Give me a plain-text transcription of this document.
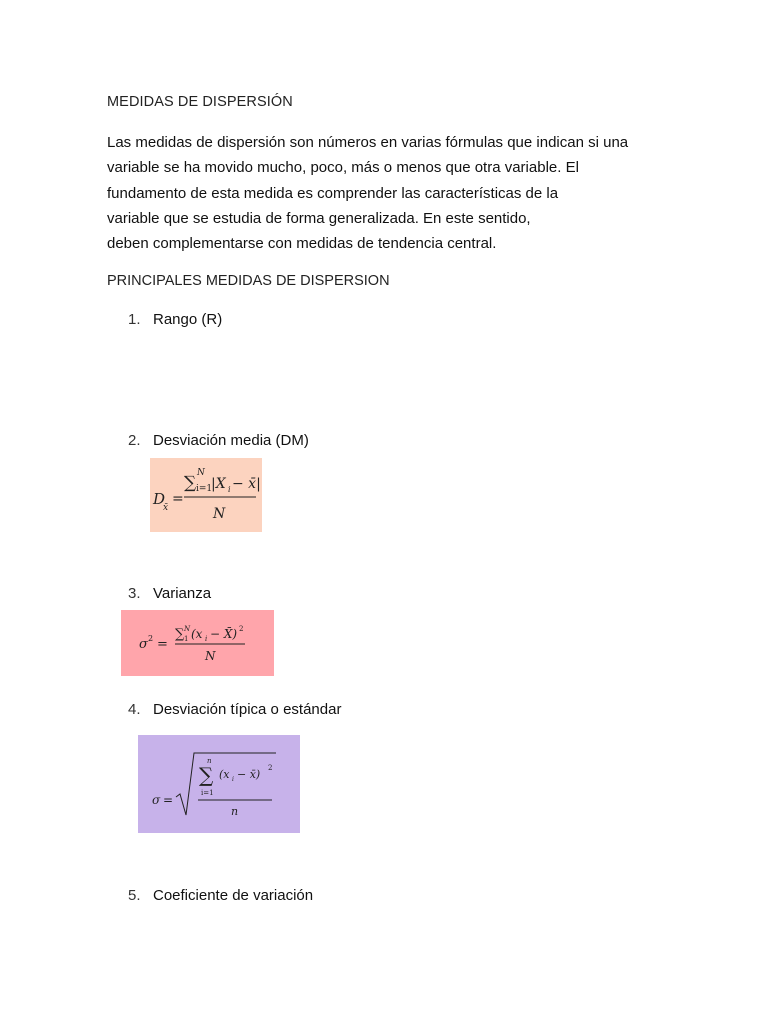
MEDIDAS DE DISPERSIÓN
Las medidas de dispersión son números en varias fórmulas que indican si una
variable se ha movido mucho, poco, más o menos que otra variable. El
fundamento de esta medida es comprender las características de la
variable que se estudia de forma generalizada. En este sentido,
deben complementarse con medidas de tendencia central.
PRINCIPALES MEDIDAS DE DISPERSION
1. Rango (R)
2. Desviación media (DM)
D
x̄
=
∑ N
i=1
|X i − x̄|
N
3. Varianza
σ 2 =
∑ N
1 (x i − X̄) 2
N
4. Desviación típica o estándar
σ =
n
∑
i=1
(x i − x̄) 2
n
5. Coeficiente de variación
